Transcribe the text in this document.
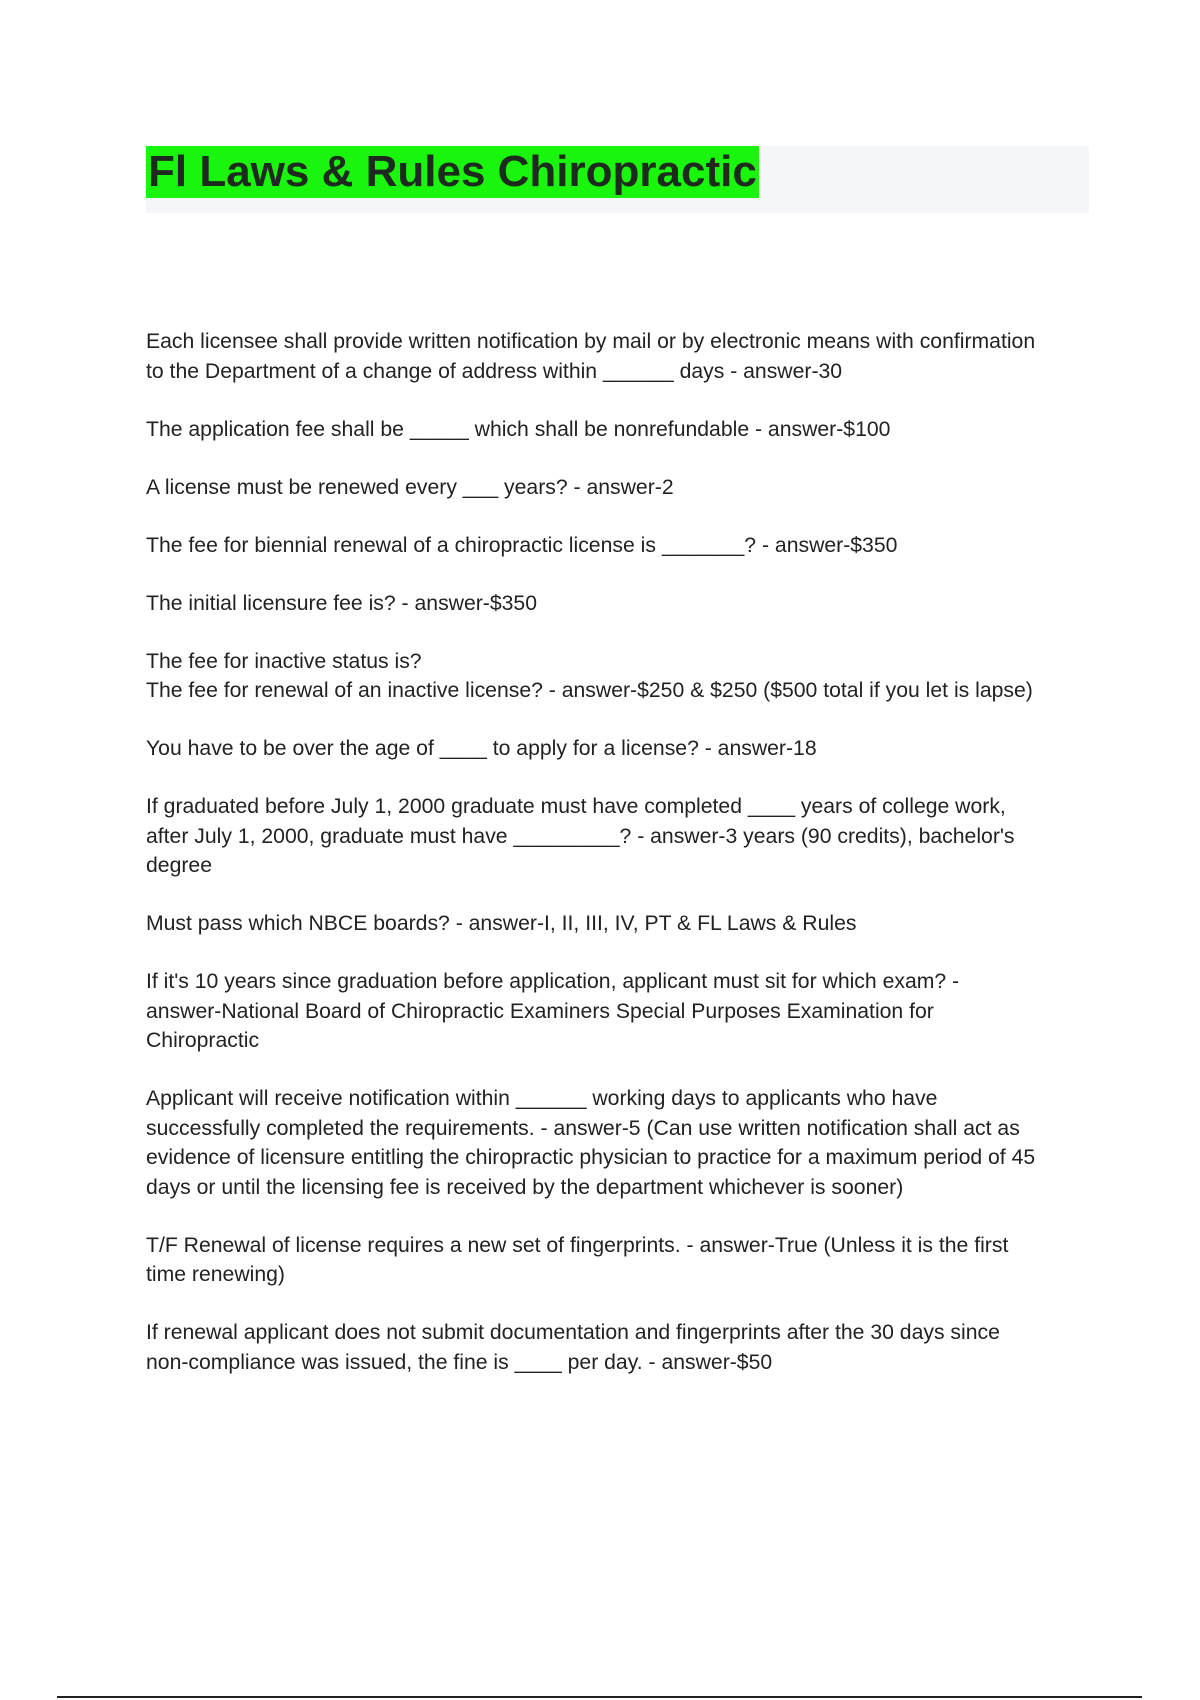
Fl Laws & Rules Chiropractic

Each licensee shall provide written notification by mail or by electronic means with confirmation
to the Department of a change of address within ______ days - answer-30

The application fee shall be _____ which shall be nonrefundable - answer-$100

A license must be renewed every ___ years? - answer-2

The fee for biennial renewal of a chiropractic license is _______? - answer-$350

The initial licensure fee is? - answer-$350

The fee for inactive status is?
The fee for renewal of an inactive license? - answer-$250 & $250 ($500 total if you let is lapse)

You have to be over the age of ____ to apply for a license? - answer-18

If graduated before July 1, 2000 graduate must have completed ____ years of college work,
after July 1, 2000, graduate must have _________? - answer-3 years (90 credits), bachelor's
degree

Must pass which NBCE boards? - answer-I, II, III, IV, PT & FL Laws & Rules

If it's 10 years since graduation before application, applicant must sit for which exam? -
answer-National Board of Chiropractic Examiners Special Purposes Examination for
Chiropractic

Applicant will receive notification within ______ working days to applicants who have
successfully completed the requirements. - answer-5 (Can use written notification shall act as
evidence of licensure entitling the chiropractic physician to practice for a maximum period of 45
days or until the licensing fee is received by the department whichever is sooner)

T/F Renewal of license requires a new set of fingerprints. - answer-True (Unless it is the first
time renewing)

If renewal applicant does not submit documentation and fingerprints after the 30 days since
non-compliance was issued, the fine is ____ per day. - answer-$50
